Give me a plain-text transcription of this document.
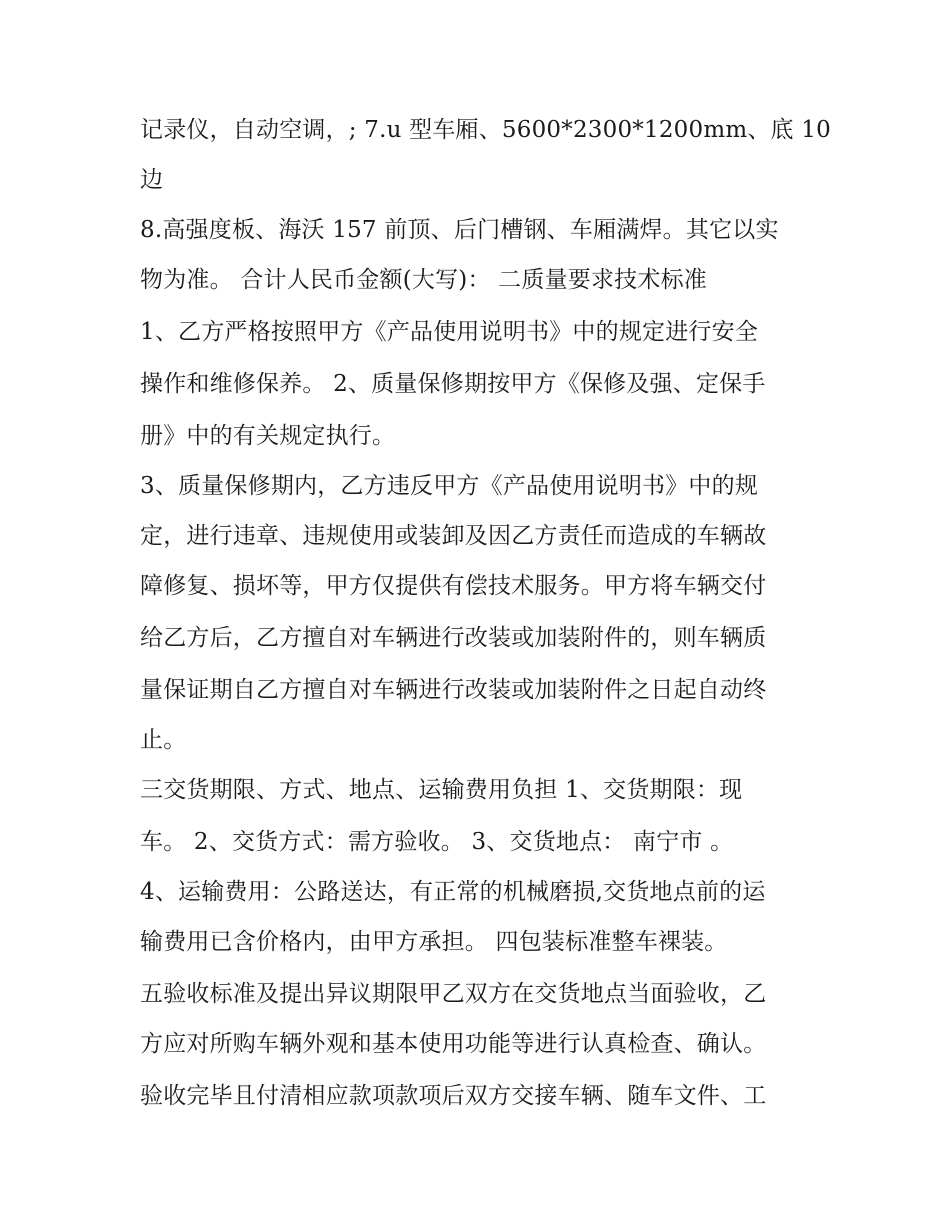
记录仪，自动空调，; 7.u 型车厢、5600*2300*1200mm、底 10
边
8.高强度板、海沃 157 前顶、后门槽钢、车厢满焊。其它以实
物为准。 合计人民币金额(大写)： 二质量要求技术标准
1、乙方严格按照甲方《产品使用说明书》中的规定进行安全
操作和维修保养。 2、质量保修期按甲方《保修及强、定保手
册》中的有关规定执行。
3、质量保修期内，乙方违反甲方《产品使用说明书》中的规
定，进行违章、违规使用或装卸及因乙方责任而造成的车辆故
障修复、损坏等，甲方仅提供有偿技术服务。甲方将车辆交付
给乙方后，乙方擅自对车辆进行改装或加装附件的，则车辆质
量保证期自乙方擅自对车辆进行改装或加装附件之日起自动终
止。
三交货期限、方式、地点、运输费用负担 1、交货期限：现
车。 2、交货方式：需方验收。 3、交货地点： 南宁市 。
4、运输费用：公路送达，有正常的机械磨损,交货地点前的运
输费用已含价格内，由甲方承担。 四包装标准整车裸装。
五验收标准及提出异议期限甲乙双方在交货地点当面验收，乙
方应对所购车辆外观和基本使用功能等进行认真检查、确认。
验收完毕且付清相应款项款项后双方交接车辆、随车文件、工
